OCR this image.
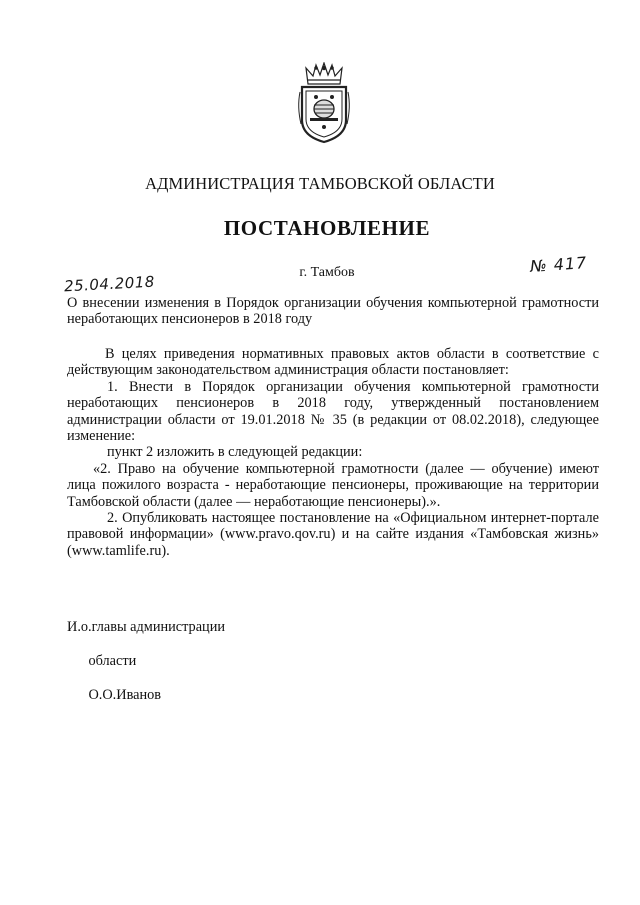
АДМИНИСТРАЦИЯ ТАМБОВСКОЙ ОБЛАСТИ
ПОСТАНОВЛЕНИЕ
г. Тамбов
25.04.2018
№ 417
О внесении изменения в Порядок организации обучения компьютерной грамотности неработающих пенсионеров в 2018 году

В целях приведения нормативных правовых актов области в соответствие с действующим законодательством администрация области постановляет:

1. Внести в Порядок организации обучения компьютерной грамотности неработающих пенсионеров в 2018 году, утвержденный постановлением администрации области от 19.01.2018 № 35 (в редакции от 08.02.2018), следующее изменение:

пункт 2 изложить в следующей редакции:

«2. Право на обучение компьютерной грамотности (далее — обучение) имеют лица пожилого возраста - неработающие пенсионеры, проживающие на территории Тамбовской области (далее — неработающие пенсионеры).».

2. Опубликовать настоящее постановление на «Официальном интернет-портале правовой информации» (www.pravo.qov.ru) и на сайте издания «Тамбовская жизнь» (www.tamlife.ru).

И.о.главы администрации

области

О.О.Иванов
